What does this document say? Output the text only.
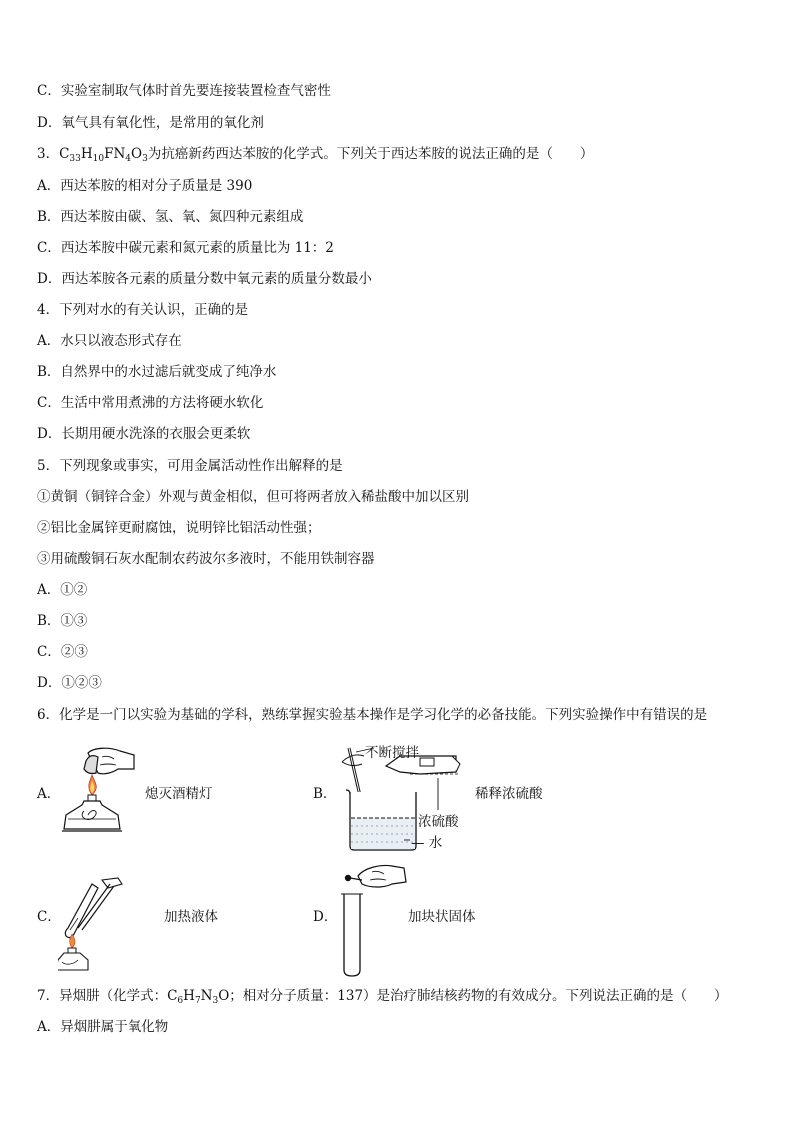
C．实验室制取气体时首先要连接装置检查气密性
D．氧气具有氧化性，是常用的氧化剂
3．$C_{33}H_{10}FN_4O_3$为抗癌新药西达苯胺的化学式。下列关于西达苯胺的说法正确的是（　　）
A．西达苯胺的相对分子质量是 390
B．西达苯胺由碳、氢、氧、氮四种元素组成
C．西达苯胺中碳元素和氮元素的质量比为 11：2
D．西达苯胺各元素的质量分数中氧元素的质量分数最小
4．下列对水的有关认识，正确的是
A．水只以液态形式存在
B．自然界中的水过滤后就变成了纯净水
C．生活中常用煮沸的方法将硬水软化
D．长期用硬水洗涤的衣服会更柔软
5．下列现象或事实，可用金属活动性作出解释的是
①黄铜（铜锌合金）外观与黄金相似，但可将两者放入稀盐酸中加以区别
②铝比金属锌更耐腐蚀，说明锌比铝活动性强；
③用硫酸铜石灰水配制农药波尔多液时，不能用铁制容器
A．①②
B．①③
C．②③
D．①②③
6．化学是一门以实验为基础的学科，熟练掌握实验基本操作是学习化学的必备技能。下列实验操作中有错误的是
A．	熄灭酒精灯	B．
不断搅拌
稀释浓硫酸
浓硫酸
— 水
C．	加热液体	D．	加块状固体
7．异烟肼（化学式：$C_6H_7N_3O$；相对分子质量：137）是治疗肺结核药物的有效成分。下列说法正确的是（　　）
A．异烟肼属于氧化物
